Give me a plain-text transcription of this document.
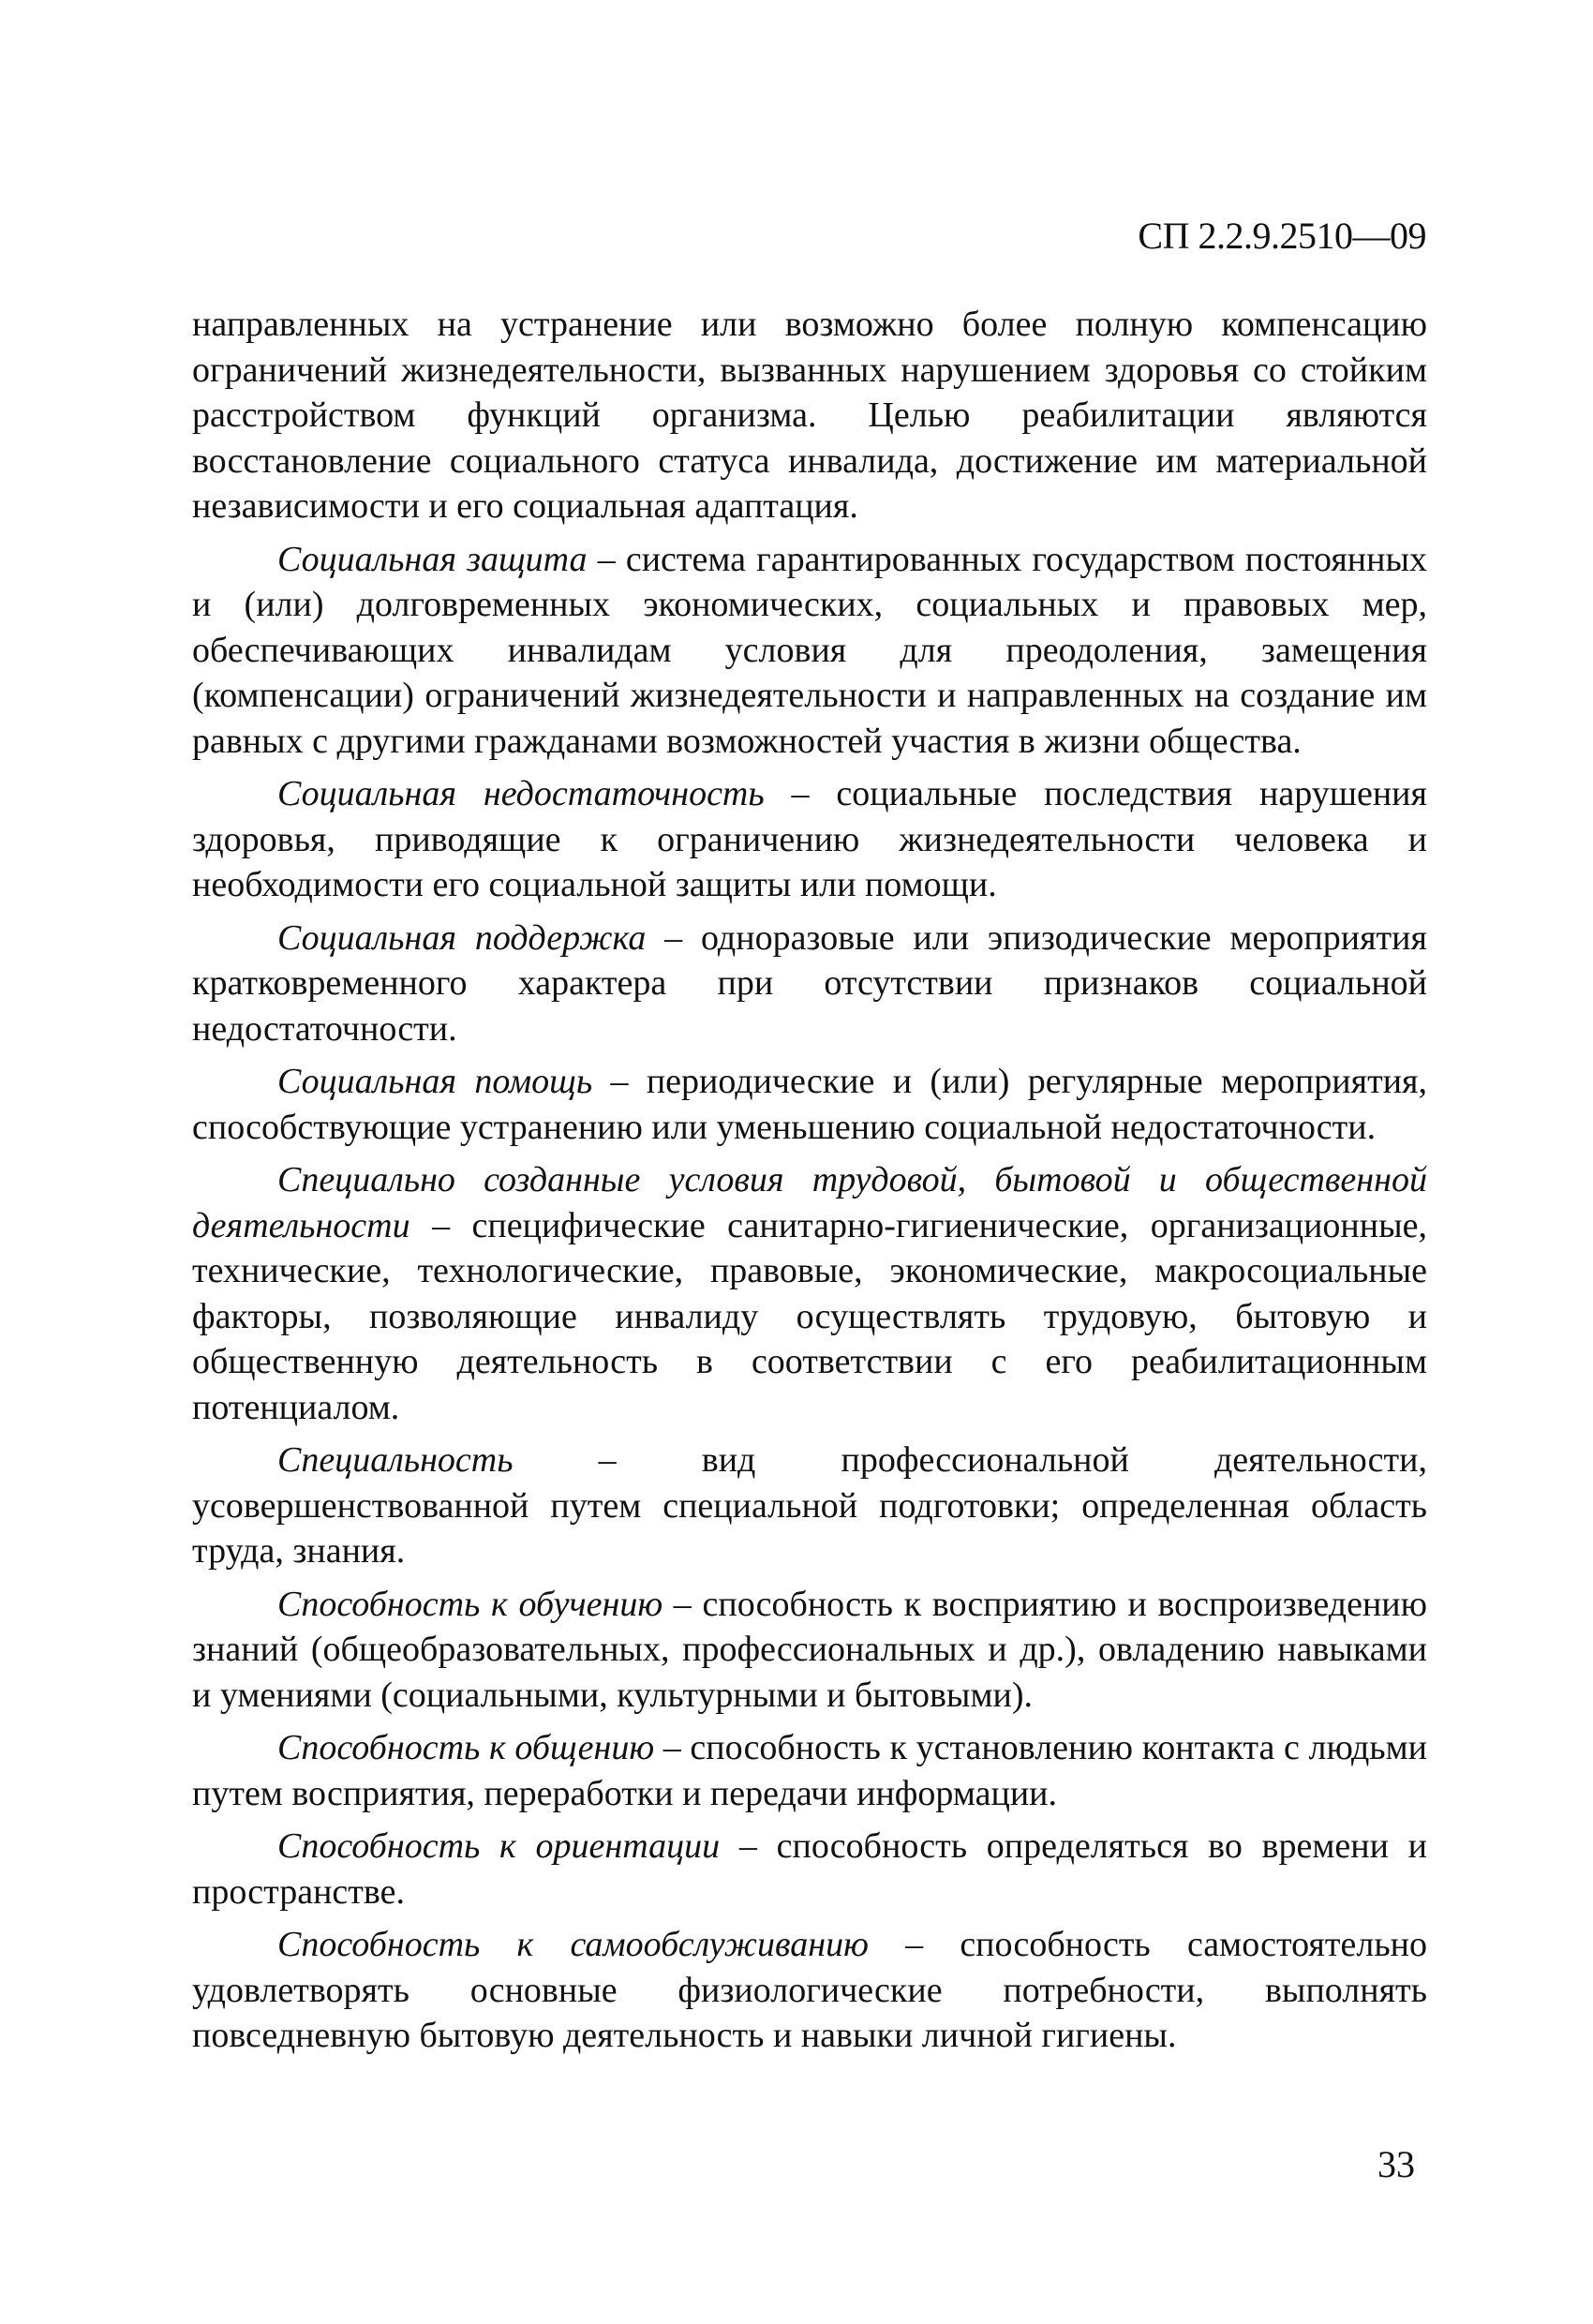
СП 2.2.9.2510—09

направленных на устранение или возможно более полную компенсацию ограничений жизнедеятельности, вызванных нарушением здоровья со стойким расстройством функций организма. Целью реабилитации являются восстановление социального статуса инвалида, достижение им материальной независимости и его социальная адаптация.

Социальная защита – система гарантированных государством постоянных и (или) долговременных экономических, социальных и правовых мер, обеспечивающих инвалидам условия для преодоления, замещения (компенсации) ограничений жизнедеятельности и направленных на создание им равных с другими гражданами возможностей участия в жизни общества.

Социальная недостаточность – социальные последствия нарушения здоровья, приводящие к ограничению жизнедеятельности человека и необходимости его социальной защиты или помощи.

Социальная поддержка – одноразовые или эпизодические мероприятия кратковременного характера при отсутствии признаков социальной недостаточности.

Социальная помощь – периодические и (или) регулярные мероприятия, способствующие устранению или уменьшению социальной недостаточности.

Специально созданные условия трудовой, бытовой и общественной деятельности – специфические санитарно-гигиенические, организационные, технические, технологические, правовые, экономические, макросоциальные факторы, позволяющие инвалиду осуществлять трудовую, бытовую и общественную деятельность в соответствии с его реабилитационным потенциалом.

Специальность – вид профессиональной деятельности, усовершенствованной путем специальной подготовки; определенная область труда, знания.

Способность к обучению – способность к восприятию и воспроизведению знаний (общеобразовательных, профессиональных и др.), овладению навыками и умениями (социальными, культурными и бытовыми).

Способность к общению – способность к установлению контакта с людьми путем восприятия, переработки и передачи информации.

Способность к ориентации – способность определяться во времени и пространстве.

Способность к самообслуживанию – способность самостоятельно удовлетворять основные физиологические потребности, выполнять повседневную бытовую деятельность и навыки личной гигиены.

33
